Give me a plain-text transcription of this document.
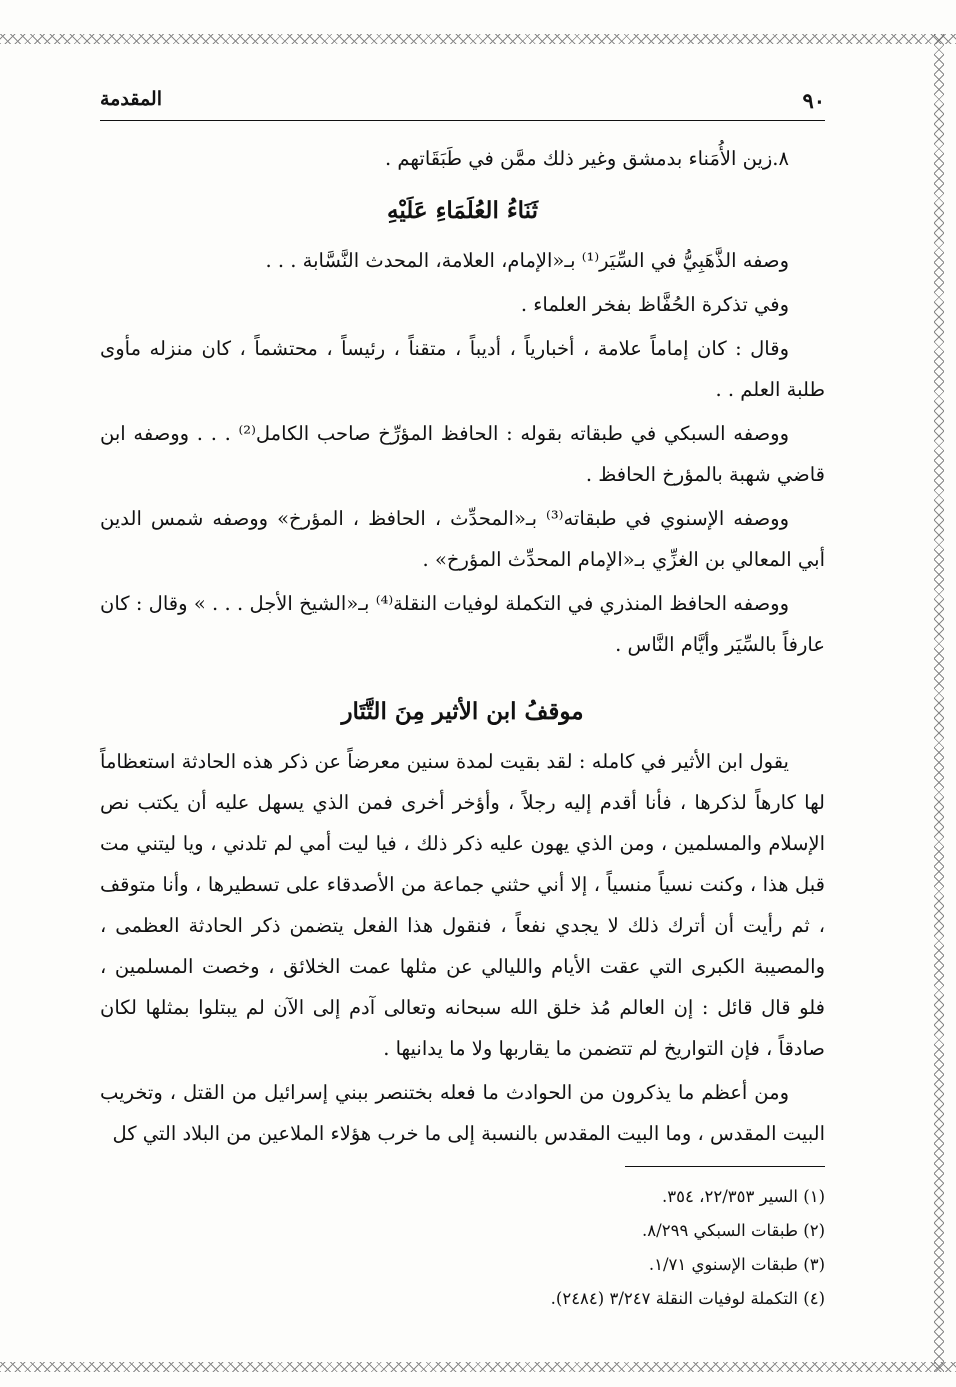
٩٠
المقدمة

٨.زين الأُمَناء بدمشق وغير ذلك ممَّن في طَبَقَاتهم .

ثَنَاءُ العُلَمَاءِ عَلَيْهِ

وصفه الذَّهَبِيُّ في السِّيَر⁽¹⁾ بـ«الإمام، العلامة، المحدث النَّسَّابة . . .

وفي تذكرة الحُفَّاظ بفخر العلماء .

وقال : كان إماماً علامة ، أخبارياً ، أديباً ، متقناً ، رئيساً ، محتشماً ، كان منزله مأوى طلبة العلم . .

ووصفه السبكي في طبقاته بقوله : الحافظ المؤرِّخ صاحب الكامل⁽²⁾ . . . ووصفه ابن قاضي شهبة بالمؤرخ الحافظ .

ووصفه الإسنوي في طبقاته⁽³⁾ بـ«المحدِّث ، الحافظ ، المؤرخ» ووصفه شمس الدين أبي المعالي بن الغزِّي بـ«الإمام المحدِّث المؤرخ» .

ووصفه الحافظ المنذري في التكملة لوفيات النقلة⁽⁴⁾ بـ«الشيخ الأجل . . . » وقال : كان عارفاً بالسِّيَر وأيَّام النَّاس .

موقفُ ابن الأثير مِنَ التَّتَار

يقول ابن الأثير في كامله : لقد بقيت لمدة سنين معرضاً عن ذكر هذه الحادثة استعظاماً لها كارهاً لذكرها ، فأنا أقدم إليه رجلاً ، وأؤخر أخرى فمن الذي يسهل عليه أن يكتب نص الإسلام والمسلمين ، ومن الذي يهون عليه ذكر ذلك ، فيا ليت أمي لم تلدني ، ويا ليتني مت قبل هذا ، وكنت نسياً منسياً ، إلا أني حثني جماعة من الأصدقاء على تسطيرها ، وأنا متوقف ، ثم رأيت أن أترك ذلك لا يجدي نفعاً ، فنقول هذا الفعل يتضمن ذكر الحادثة العظمى ، والمصيبة الكبرى التي عقت الأيام والليالي عن مثلها عمت الخلائق ، وخصت المسلمين ، فلو قال قائل : إن العالم مُذ خلق الله سبحانه وتعالى آدم إلى الآن لم يبتلوا بمثلها لكان صادقاً ، فإن التواريخ لم تتضمن ما يقاربها ولا ما يدانيها .

ومن أعظم ما يذكرون من الحوادث ما فعله بختنصر ببني إسرائيل من القتل ، وتخريب البيت المقدس ، وما البيت المقدس بالنسبة إلى ما خرب هؤلاء الملاعين من البلاد التي كل

(١) السير ٢٢/٣٥٣، ٣٥٤.
(٢) طبقات السبكي ٨/٢٩٩.
(٣) طبقات الإسنوي ١/٧١.
(٤) التكملة لوفيات النقلة ٣/٢٤٧ (٢٤٨٤).
